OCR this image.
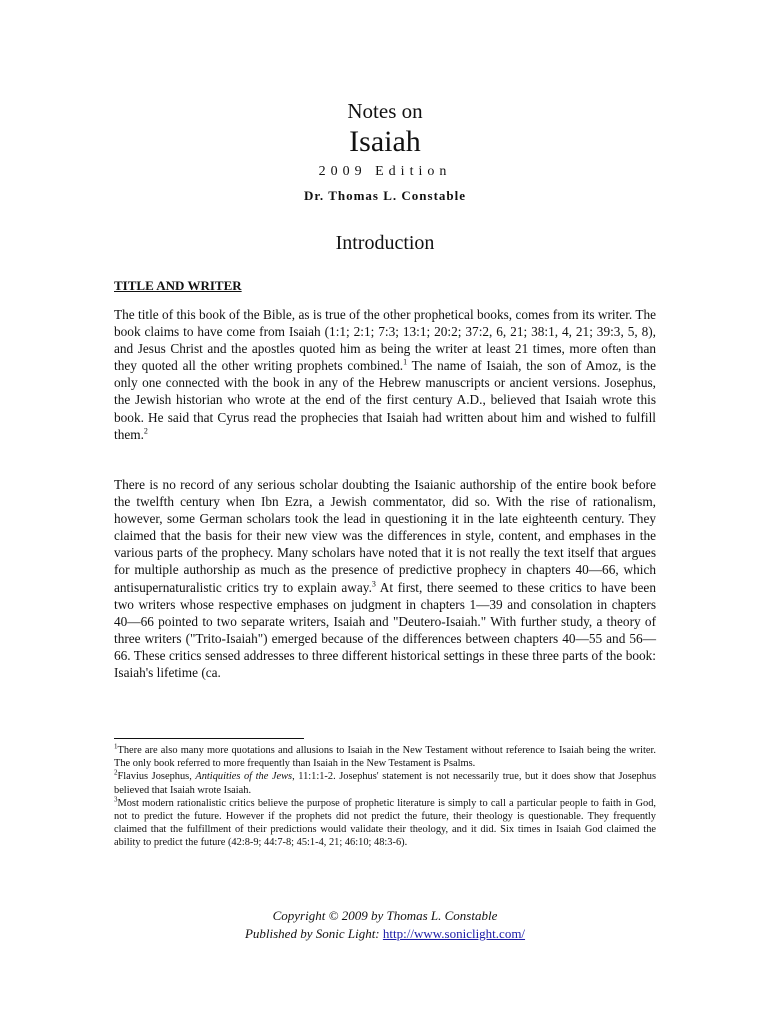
Notes on
Isaiah
2009 Edition
Dr. Thomas L. Constable
Introduction
TITLE AND WRITER
The title of this book of the Bible, as is true of the other prophetical books, comes from its writer. The book claims to have come from Isaiah (1:1; 2:1; 7:3; 13:1; 20:2; 37:2, 6, 21; 38:1, 4, 21; 39:3, 5, 8), and Jesus Christ and the apostles quoted him as being the writer at least 21 times, more often than they quoted all the other writing prophets combined.$^1$ The name of Isaiah, the son of Amoz, is the only one connected with the book in any of the Hebrew manuscripts or ancient versions. Josephus, the Jewish historian who wrote at the end of the first century A.D., believed that Isaiah wrote this book. He said that Cyrus read the prophecies that Isaiah had written about him and wished to fulfill them.$^2$
There is no record of any serious scholar doubting the Isaianic authorship of the entire book before the twelfth century when Ibn Ezra, a Jewish commentator, did so. With the rise of rationalism, however, some German scholars took the lead in questioning it in the late eighteenth century. They claimed that the basis for their new view was the differences in style, content, and emphases in the various parts of the prophecy. Many scholars have noted that it is not really the text itself that argues for multiple authorship as much as the presence of predictive prophecy in chapters 40—66, which antisupernaturalistic critics try to explain away.$^3$ At first, there seemed to these critics to have been two writers whose respective emphases on judgment in chapters 1—39 and consolation in chapters 40—66 pointed to two separate writers, Isaiah and "Deutero-Isaiah." With further study, a theory of three writers ("Trito-Isaiah") emerged because of the differences between chapters 40—55 and 56—66. These critics sensed addresses to three different historical settings in these three parts of the book: Isaiah's lifetime (ca.

$^1$There are also many more quotations and allusions to Isaiah in the New Testament without reference to Isaiah being the writer. The only book referred to more frequently than Isaiah in the New Testament is Psalms.

$^2$Flavius Josephus, Antiquities of the Jews, 11:1:1-2. Josephus' statement is not necessarily true, but it does show that Josephus believed that Isaiah wrote Isaiah.

$^3$Most modern rationalistic critics believe the purpose of prophetic literature is simply to call a particular people to faith in God, not to predict the future. However if the prophets did not predict the future, their theology is questionable. They frequently claimed that the fulfillment of their predictions would validate their theology, and it did. Six times in Isaiah God claimed the ability to predict the future (42:8-9; 44:7-8; 45:1-4, 21; 46:10; 48:3-6).

Copyright © 2009 by Thomas L. Constable
Published by Sonic Light: http://www.soniclight.com/
